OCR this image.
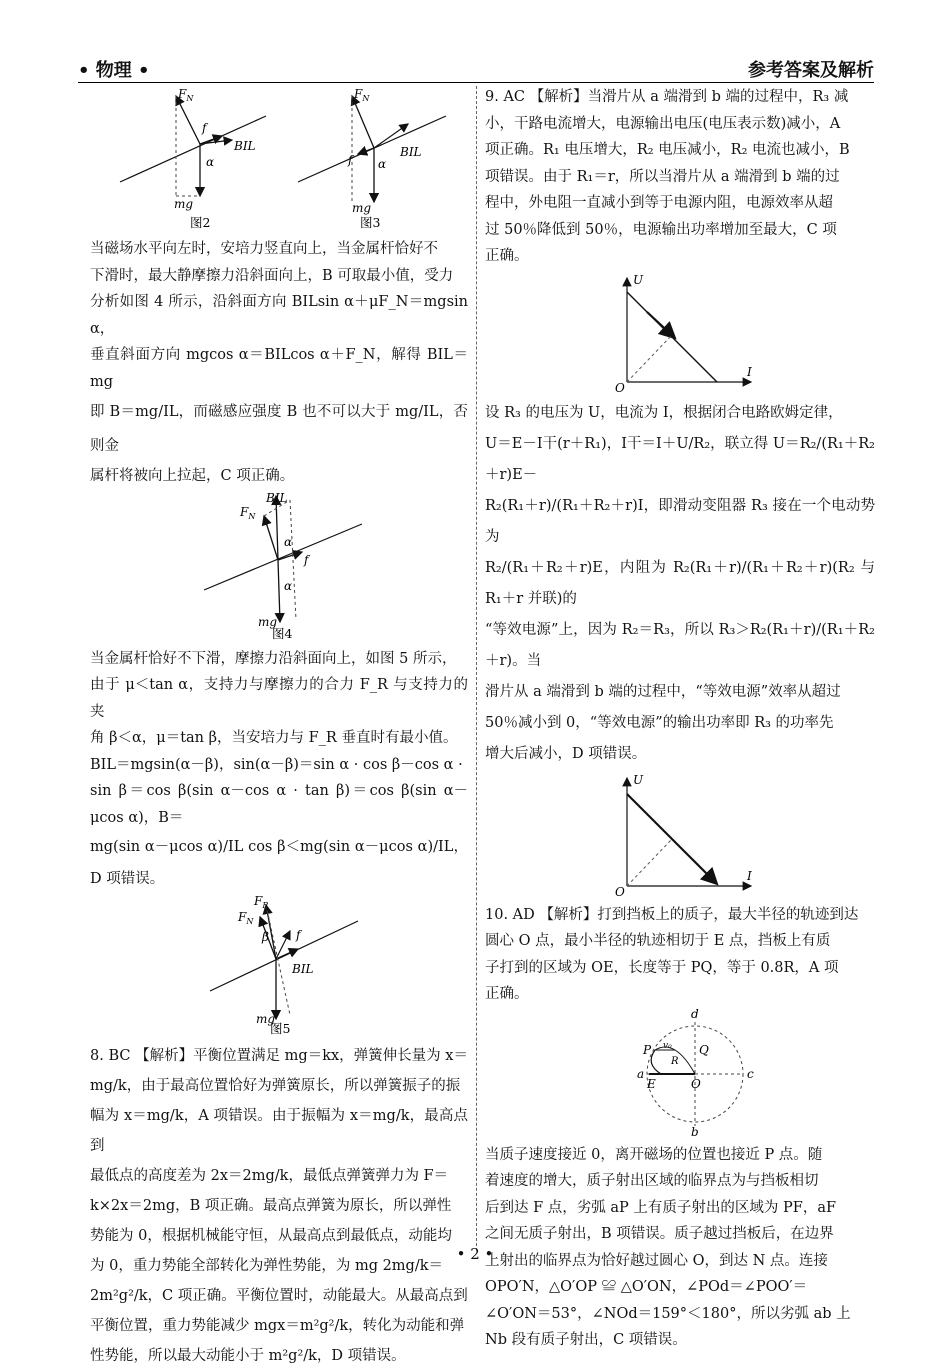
• 物理 •	参考答案及解析
$F_N$
f
α
BIL
mg
图2
$F_N$
f α
BIL
mg
图3
当磁场水平向左时，安培力竖直向上，当金属杆恰好不
下滑时，最大静摩擦力沿斜面向上，B 可取最小值，受力
分析如图 4 所示，沿斜面方向 BILsin α＋μF_N＝mgsin α，
垂直斜面方向 mgcos α＝BILcos α＋F_N，解得 BIL＝mg
即 B＝mg/IL，而磁感应强度 B 也不可以大于 mg/IL，否则金
属杆将被向上拉起，C 项正确。
BIL
$F_N$
f
α
α
mg
图4
当金属杆恰好不下滑，摩擦力沿斜面向上，如图 5 所示，
由于 μ＜tan α，支持力与摩擦力的合力 F_R 与支持力的夹
角 β＜α，μ＝tan β，当安培力与 F_R 垂直时有最小值。
BIL＝mgsin(α－β)，sin(α－β)＝sin α · cos β－cos α ·
sin β＝cos β(sin α－cos α · tan β)＝cos β(sin α－μcos α)，B＝
mg(sin α－μcos α)/IL cos β＜mg(sin α－μcos α)/IL，D 项错误。
$F_R$
$F_N$
β f
BIL
mg
图5
8. BC 【解析】平衡位置满足 mg＝kx，弹簧伸长量为 x＝
mg/k，由于最高位置恰好为弹簧原长，所以弹簧振子的振
幅为 x＝mg/k，A 项错误。由于振幅为 x＝mg/k，最高点到
最低点的高度差为 2x＝2mg/k，最低点弹簧弹力为 F＝
k×2x＝2mg，B 项正确。最高点弹簧为原长，所以弹性
势能为 0，根据机械能守恒，从最高点到最低点，动能均
为 0，重力势能全部转化为弹性势能，为 mg 2mg/k＝
2m²g²/k，C 项正确。平衡位置时，动能最大。从最高点到
平衡位置，重力势能减少 mgx＝m²g²/k，转化为动能和弹
性势能，所以最大动能小于 m²g²/k，D 项错误。
9. AC 【解析】当滑片从 a 端滑到 b 端的过程中，R₃ 减
小，干路电流增大，电源输出电压(电压表示数)减小，A
项正确。R₁ 电压增大，R₂ 电压减小，R₂ 电流也减小，B
项错误。由于 R₁＝r，所以当滑片从 a 端滑到 b 端的过
程中，外电阻一直减小到等于电源内阻，电源效率从超
过 50％降低到 50％，电源输出功率增加至最大，C 项
正确。
U
I
O
设 R₃ 的电压为 U，电流为 I，根据闭合电路欧姆定律，
U＝E－I干(r＋R₁)，I干＝I＋U/R₂，联立得 U＝R₂/(R₁＋R₂＋r)E－
R₂(R₁＋r)/(R₁＋R₂＋r)I，即滑动变阻器 R₃ 接在一个电动势为
R₂/(R₁＋R₂＋r)E，内阻为 R₂(R₁＋r)/(R₁＋R₂＋r)(R₂ 与 R₁＋r 并联)的
“等效电源”上，因为 R₂＝R₃，所以 R₃＞R₂(R₁＋r)/(R₁＋R₂＋r)。当
滑片从 a 端滑到 b 端的过程中，“等效电源”效率从超过
50％减小到 0，“等效电源”的输出功率即 R₃ 的功率先
增大后减小，D 项错误。
U
I
O
10. AD 【解析】打到挡板上的质子，最大半径的轨迹到达
圆心 O 点，最小半径的轨迹相切于 E 点，挡板上有质
子打到的区域为 OE，长度等于 PQ，等于 0.8R，A 项
正确。
d
P	Q
R
v₀
a
E	O
c
b
当质子速度接近 0，离开磁场的位置也接近 P 点。随
着速度的增大，质子射出区域的临界点为与挡板相切
后到达 F 点，劣弧 aP 上有质子射出的区域为 PF，aF
之间无质子射出，B 项错误。质子越过挡板后，在边界
上射出的临界点为恰好越过圆心 O，到达 N 点。连接
OPO′N，△O′OP ≌ △O′ON，∠POd＝∠POO′＝
∠O′ON＝53°，∠NOd＝159°＜180°，所以劣弧 ab 上
Nb 段有质子射出，C 项错误。
• 2 •
